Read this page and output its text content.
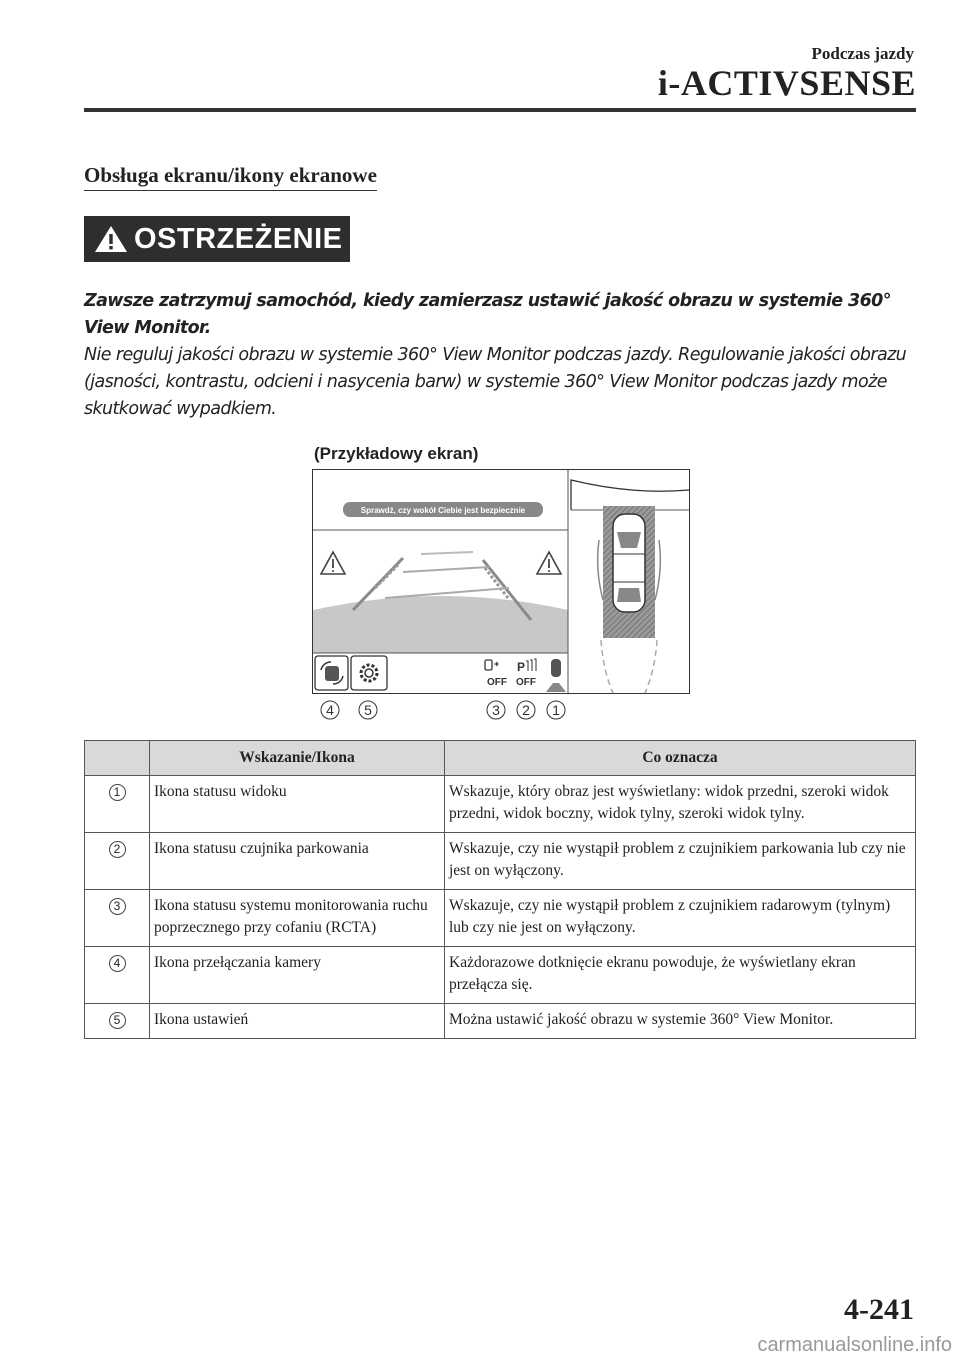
Podczas jazdy
i-ACTIVSENSE
Obsługa ekranu/ikony ekranowe
OSTRZEŻENIE
Zawsze zatrzymuj samochód, kiedy zamierzasz ustawić jakość obrazu w systemie 360° View Monitor.
Nie reguluj jakości obrazu w systemie 360° View Monitor podczas jazdy. Regulowanie jakości obrazu (jasności, kontrastu, odcieni i nasycenia barw) w systemie 360° View Monitor podczas jazdy może skutkować wypadkiem.
(Przykładowy ekran)
Sprawdź, czy wokół Ciebie jest bezpiecznie
OFF
P
OFF
4 5	3 2 1
	Wskazanie/Ikona	Co oznacza
1	Ikona statusu widoku	Wskazuje, który obraz jest wyświetlany: widok przedni, szeroki widok przedni, widok boczny, widok tylny, szeroki widok tylny.
2	Ikona statusu czujnika parkowania	Wskazuje, czy nie wystąpił problem z czujnikiem parkowania lub czy nie jest on wyłączony.
3	Ikona statusu systemu monitorowania ruchu poprzecznego przy cofaniu (RCTA)	Wskazuje, czy nie wystąpił problem z czujnikiem radarowym (tylnym) lub czy nie jest on wyłączony.
4	Ikona przełączania kamery	Każdorazowe dotknięcie ekranu powoduje, że wyświetlany ekran przełącza się.
5	Ikona ustawień	Można ustawić jakość obrazu w systemie 360° View Monitor.
4-241
carmanualsonline.info
